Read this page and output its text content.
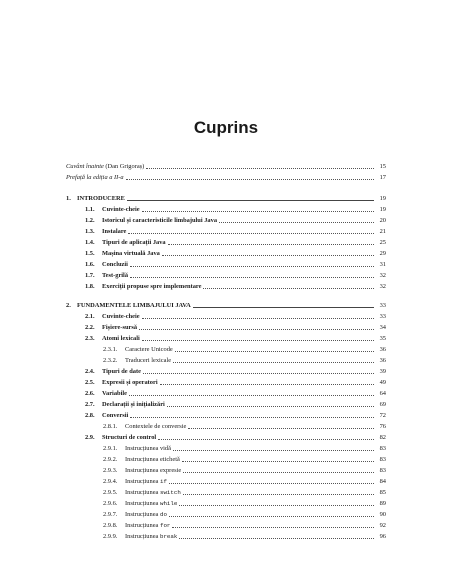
Cuprins
Cuvânt înainte (Dan Grigoraș)	15
Prefață la ediția a II-a	17
1. INTRODUCERE	19
1.1.	Cuvinte-cheie	19
1.2.	Istoricul și caracteristicile limbajului Java	20
1.3.	Instalare	21
1.4.	Tipuri de aplicații Java	25
1.5.	Mașina virtuală Java	29
1.6.	Concluzii	31
1.7.	Test-grilă	32
1.8.	Exerciții propuse spre implementare	32
2. FUNDAMENTELE LIMBAJULUI JAVA	33
2.1.	Cuvinte-cheie	33
2.2.	Fișiere-sursă	34
2.3.	Atomi lexicali	35
2.3.1.	Caractere Unicode	36
2.3.2.	Traduceri lexicale	36
2.4.	Tipuri de date	39
2.5.	Expresii și operatori	49
2.6.	Variabile	64
2.7.	Declarații și inițializări	69
2.8.	Conversii	72
2.8.1.	Contextele de conversie	76
2.9.	Structuri de control	82
2.9.1.	Instrucțiunea vidă	83
2.9.2.	Instrucțiunea etichetă	83
2.9.3.	Instrucțiunea expresie	83
2.9.4.	Instrucțiunea if	84
2.9.5.	Instrucțiunea switch	85
2.9.6.	Instrucțiunea while	89
2.9.7.	Instrucțiunea do	90
2.9.8.	Instrucțiunea for	92
2.9.9.	Instrucțiunea break	96
